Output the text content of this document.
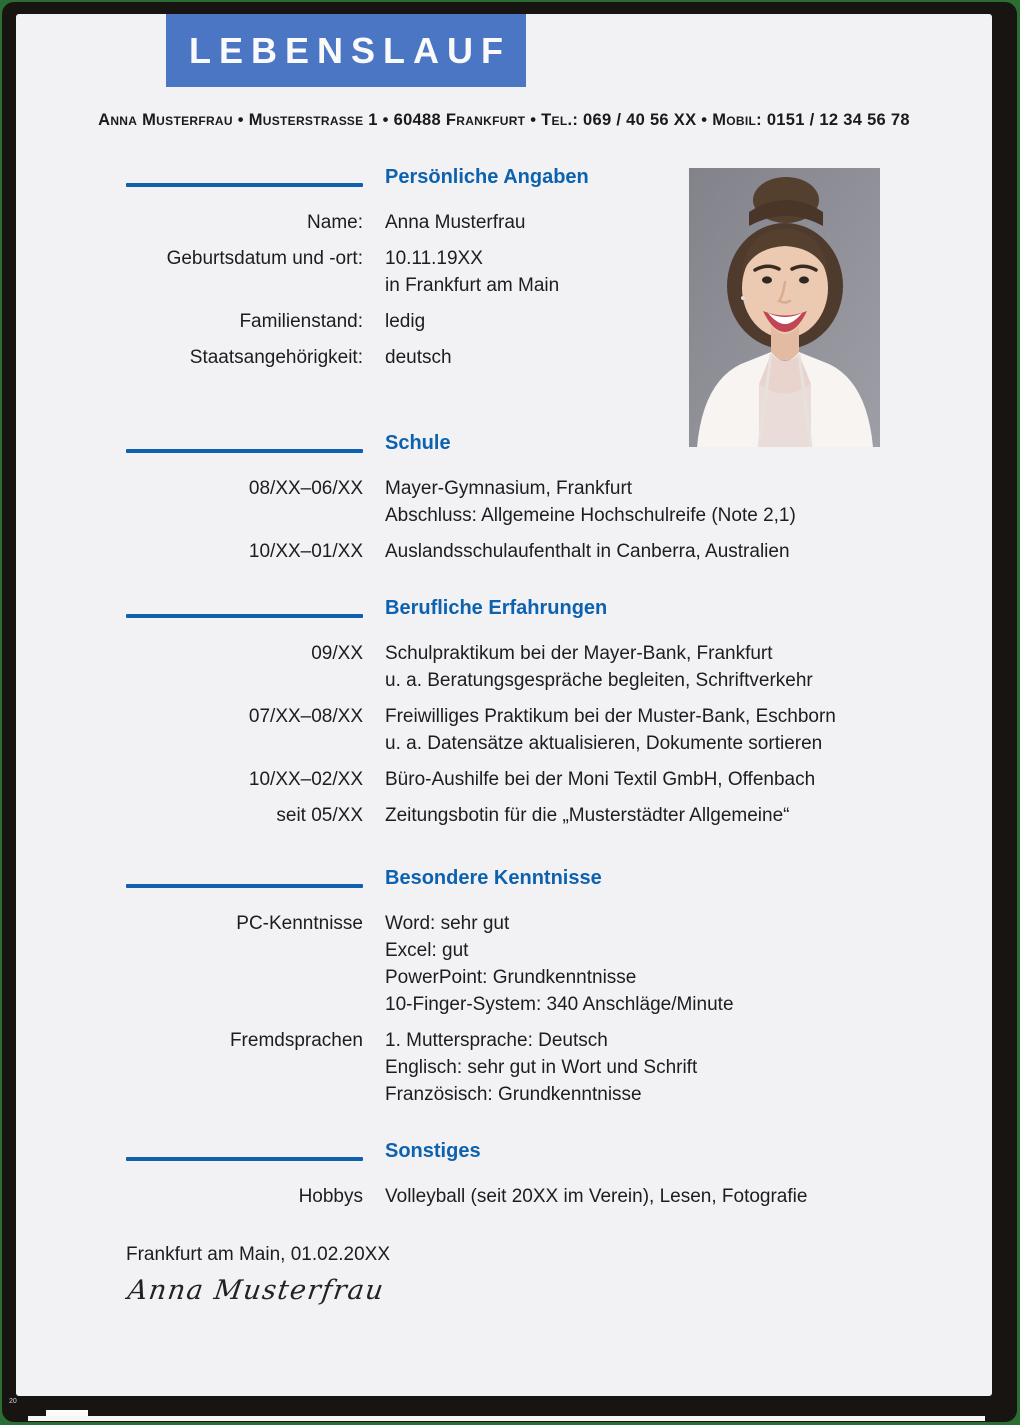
LEBENSLAUF
Anna Musterfrau • Musterstraße 1 • 60488 Frankfurt • Tel.: 069 / 40 56 XX • Mobil: 0151 / 12 34 56 78
Persönliche Angaben
Name: Anna Musterfrau
Geburtsdatum und -ort: 10.11.19XX
in Frankfurt am Main
Familienstand: ledig
Staatsangehörigkeit: deutsch
Schule
08/XX–06/XX Mayer-Gymnasium, Frankfurt
Abschluss: Allgemeine Hochschulreife (Note 2,1)
10/XX–01/XX Auslandsschulaufenthalt in Canberra, Australien
Berufliche Erfahrungen
09/XX Schulpraktikum bei der Mayer-Bank, Frankfurt
u. a. Beratungsgespräche begleiten, Schriftverkehr
07/XX–08/XX Freiwilliges Praktikum bei der Muster-Bank, Eschborn
u. a. Datensätze aktualisieren, Dokumente sortieren
10/XX–02/XX Büro-Aushilfe bei der Moni Textil GmbH, Offenbach
seit 05/XX Zeitungsbotin für die „Musterstädter Allgemeine“
Besondere Kenntnisse
PC-Kenntnisse Word: sehr gut
Excel: gut
PowerPoint: Grundkenntnisse
10-Finger-System: 340 Anschläge/Minute
Fremdsprachen 1. Muttersprache: Deutsch
Englisch: sehr gut in Wort und Schrift
Französisch: Grundkenntnisse
Sonstiges
Hobbys Volleyball (seit 20XX im Verein), Lesen, Fotografie
Frankfurt am Main, 01.02.20XX
Anna Musterfrau
20
